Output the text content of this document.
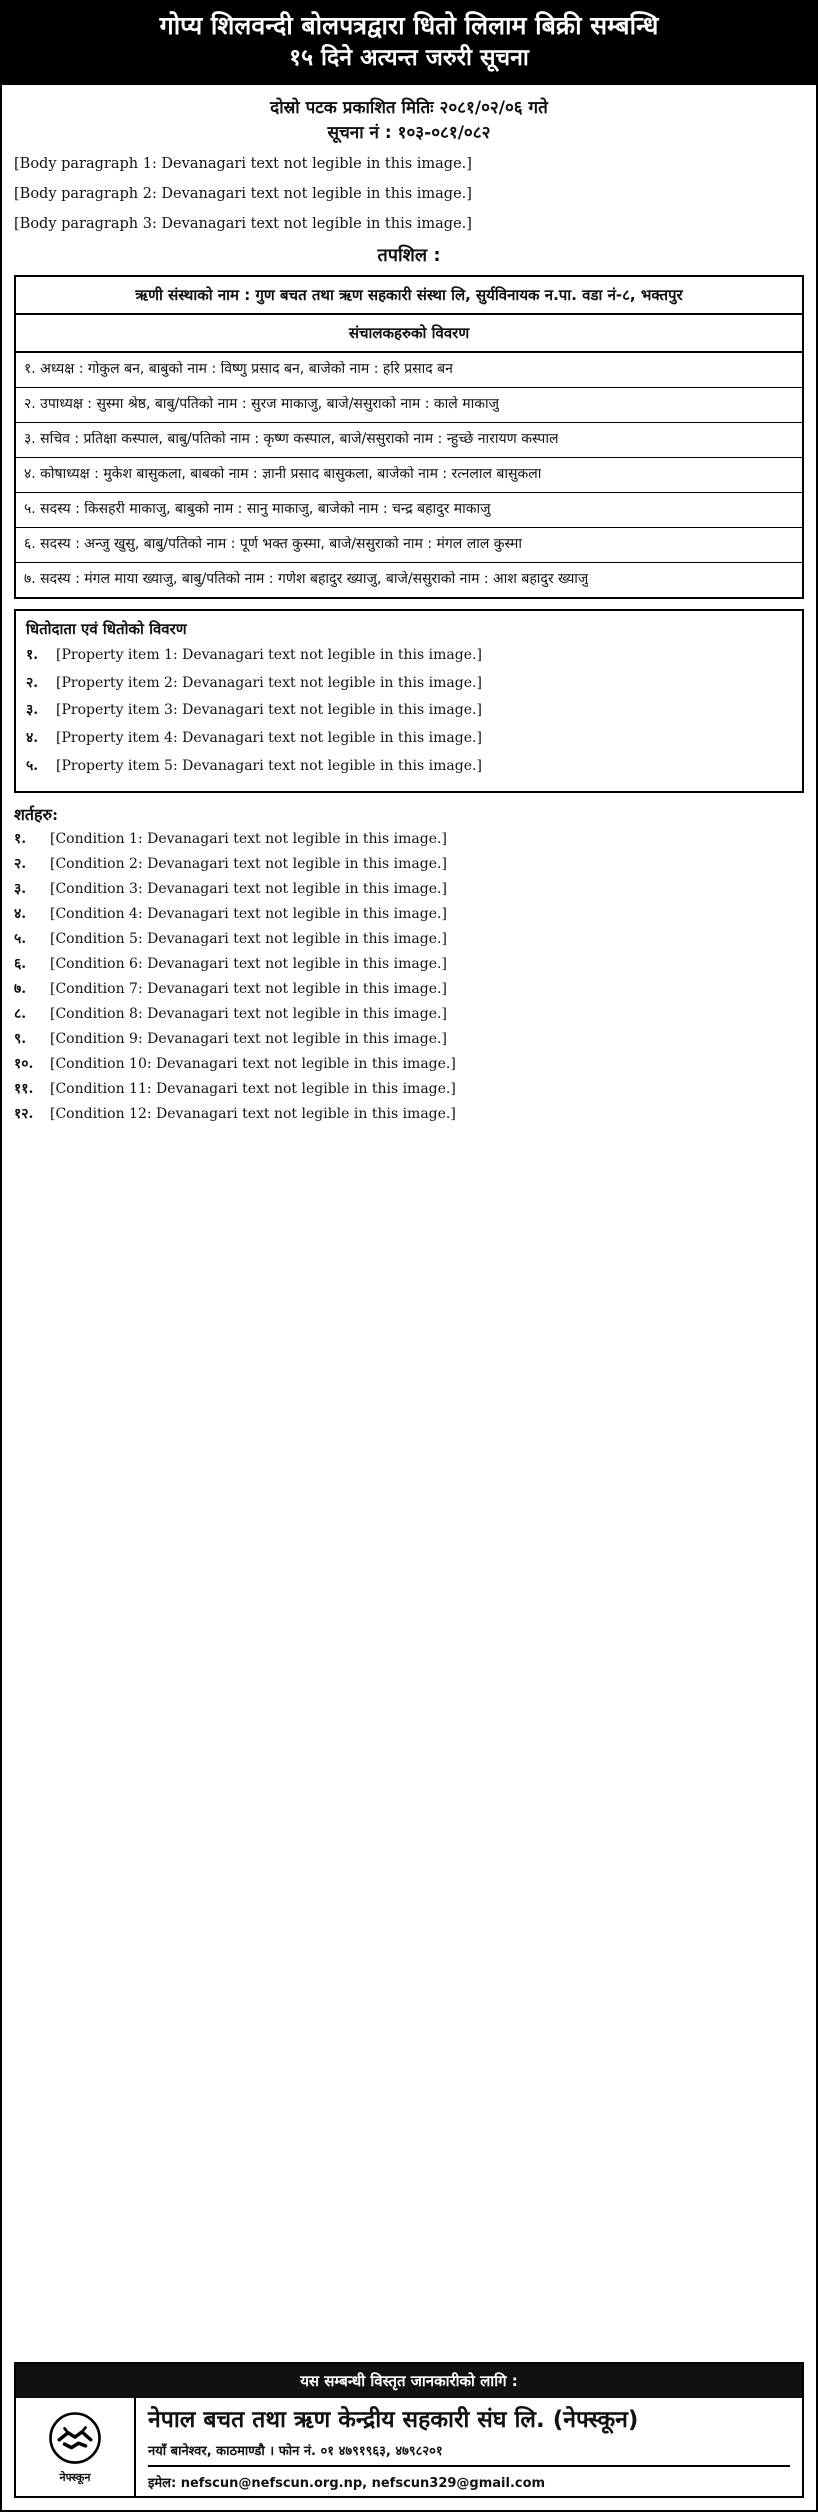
गोप्य शिलवन्दी बोलपत्रद्वारा धितो लिलाम बिक्री सम्बन्धि
१५ दिने अत्यन्त जरुरी सूचना
दोस्रो पटक प्रकाशित मितिः २०८१/०२/०६ गते
सूचना नं : १०३-०८१/०८२

[Body paragraph 1: Devanagari text not legible in this image.]

[Body paragraph 2: Devanagari text not legible in this image.]

[Body paragraph 3: Devanagari text not legible in this image.]

तपशिल :
ऋणी संस्थाको नाम : गुण बचत तथा ऋण सहकारी संस्था लि, सुर्यविनायक न.पा. वडा नं-८, भक्तपुर
संचालकहरुको विवरण
१. अध्यक्ष : गोकुल बन, बाबुको नाम : विष्णु प्रसाद बन, बाजेको नाम : हरि प्रसाद बन
२. उपाध्यक्ष : सुस्मा श्रेष्ठ, बाबु/पतिको नाम : सुरज माकाजु, बाजे/ससुराको नाम : काले माकाजु
३. सचिव : प्रतिक्षा कस्पाल, बाबु/पतिको नाम : कृष्ण कस्पाल, बाजे/ससुराको नाम : न्हुच्छे नारायण कस्पाल
४. कोषाध्यक्ष : मुकेश बासुकला, बाबको नाम : ज्ञानी प्रसाद बासुकला, बाजेको नाम : रत्नलाल बासुकला
५. सदस्य : किसहरी माकाजु, बाबुको नाम : सानु माकाजु, बाजेको नाम : चन्द्र बहादुर माकाजु
६. सदस्य : अन्जु खुसु, बाबु/पतिको नाम : पूर्ण भक्त कुस्मा, बाजे/ससुराको नाम : मंगल लाल कुस्मा
७. सदस्य : मंगल माया ख्याजु, बाबु/पतिको नाम : गणेश बहादुर ख्याजु, बाजे/ससुराको नाम : आश बहादुर ख्याजु
धितोदाता एवं धितोको विवरण
१.	[Property item 1: Devanagari text not legible in this image.]
२.	[Property item 2: Devanagari text not legible in this image.]
३.	[Property item 3: Devanagari text not legible in this image.]
४.	[Property item 4: Devanagari text not legible in this image.]
५.	[Property item 5: Devanagari text not legible in this image.]
शर्तहरु:
१.	[Condition 1: Devanagari text not legible in this image.]
२.	[Condition 2: Devanagari text not legible in this image.]
३.	[Condition 3: Devanagari text not legible in this image.]
४.	[Condition 4: Devanagari text not legible in this image.]
५.	[Condition 5: Devanagari text not legible in this image.]
६.	[Condition 6: Devanagari text not legible in this image.]
७.	[Condition 7: Devanagari text not legible in this image.]
८.	[Condition 8: Devanagari text not legible in this image.]
९.	[Condition 9: Devanagari text not legible in this image.]
१०.	[Condition 10: Devanagari text not legible in this image.]
११.	[Condition 11: Devanagari text not legible in this image.]
१२.	[Condition 12: Devanagari text not legible in this image.]
यस सम्बन्धी विस्तृत जानकारीको लागि :
नेफ्स्कून
नेपाल बचत तथा ऋण केन्द्रीय सहकारी संघ लि. (नेफ्स्कून)
नयाँ बानेश्वर, काठमाण्डौ । फोन नं. ०१ ४७९१९६३, ४७९८२०१
इमेल: nefscun@nefscun.org.np, nefscun329@gmail.com
